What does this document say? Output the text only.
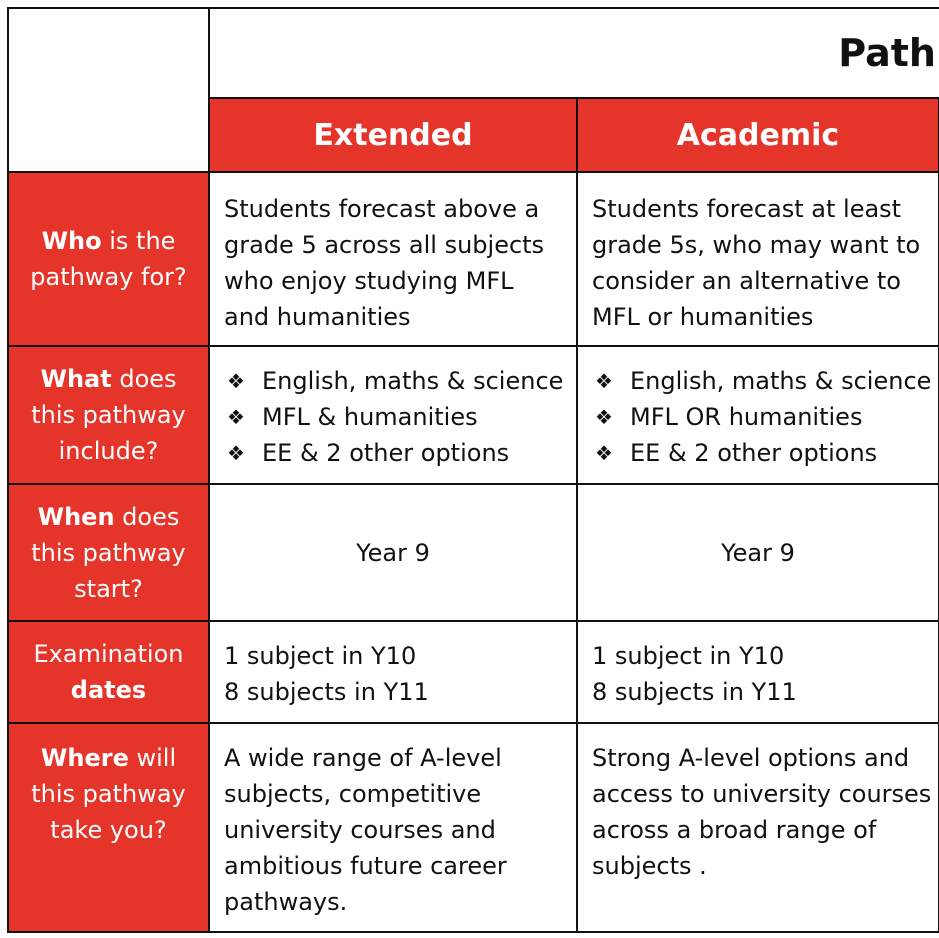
Path
Extended	Academic
Who is the
pathway for?
Students forecast above a
grade 5 across all subjects
who enjoy studying MFL
and humanities
Students forecast at least
grade 5s, who may want to
consider an alternative to
MFL or humanities
What does
this pathway
include?
❖ English, maths & science
❖ MFL & humanities
❖ EE & 2 other options
❖ English, maths & science
❖ MFL OR humanities
❖ EE & 2 other options
When does
this pathway
start?
Year 9	Year 9
Examination
dates
1 subject in Y10
8 subjects in Y11
1 subject in Y10
8 subjects in Y11
Where will
this pathway
take you?
A wide range of A-level
subjects, competitive
university courses and
ambitious future career
pathways.
Strong A-level options and
access to university courses
across a broad range of
subjects .
